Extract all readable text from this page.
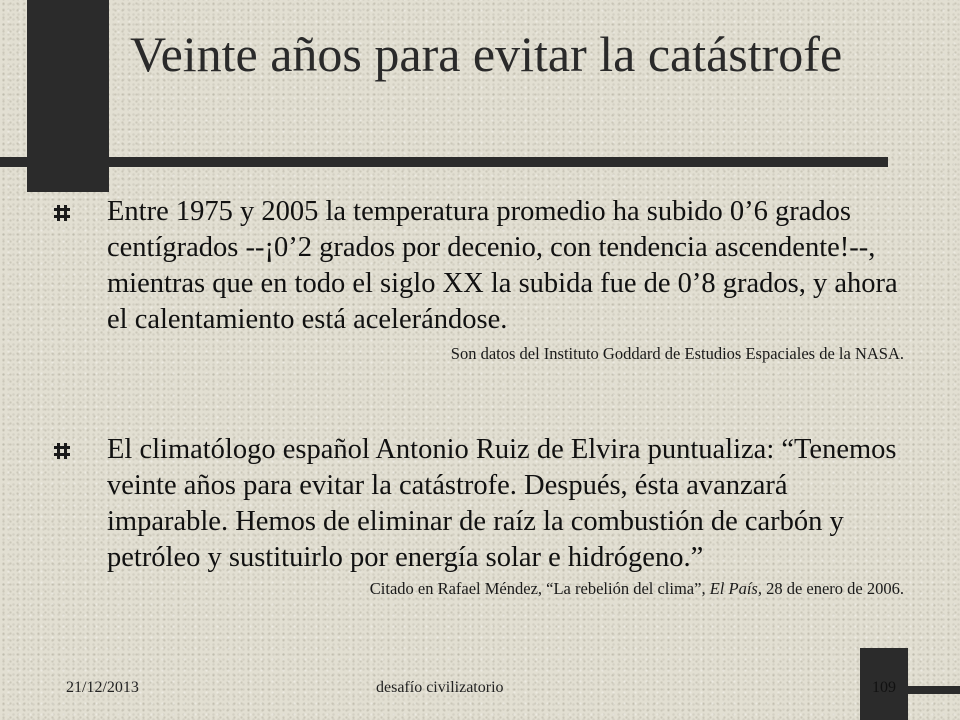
Veinte años para evitar la catástrofe
Entre 1975 y 2005 la temperatura promedio ha subido 0’6 grados centígrados --¡0’2 grados por decenio, con tendencia ascendente!--, mientras que en todo el siglo XX la subida fue de 0’8 grados, y ahora el calentamiento está acelerándose.
Son datos del Instituto Goddard de Estudios Espaciales de la NASA.
El climatólogo español Antonio Ruiz de Elvira puntualiza: “Tenemos veinte años para evitar la catástrofe. Después, ésta avanzará imparable. Hemos de eliminar de raíz la combustión de carbón y petróleo y sustituirlo por energía solar e hidrógeno.”
Citado en Rafael Méndez, “La rebelión del clima”, El País, 28 de enero de 2006.
21/12/2013	desafío civilizatorio	109
